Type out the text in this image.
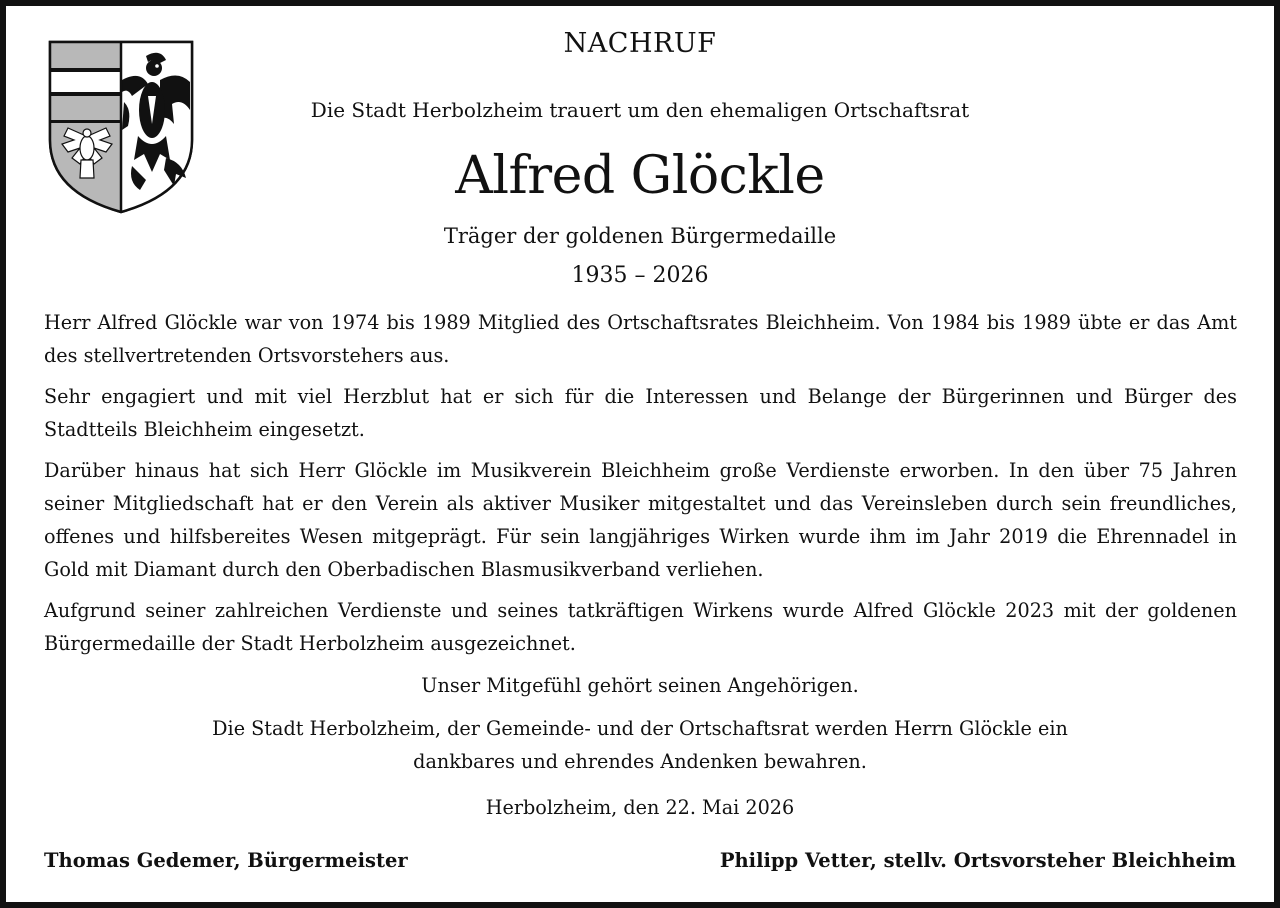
NACHRUF
Die Stadt Herbolzheim trauert um den ehemaligen Ortschaftsrat
Alfred Glöckle
Träger der goldenen Bürgermedaille
1935 – 2026

Herr Alfred Glöckle war von 1974 bis 1989 Mitglied des Ortschaftsrates Bleichheim. Von 1984 bis 1989 übte er das Amt des stellvertretenden Ortsvorstehers aus.

Sehr engagiert und mit viel Herzblut hat er sich für die Interessen und Belange der Bürgerinnen und Bürger des Stadtteils Bleichheim eingesetzt.

Darüber hinaus hat sich Herr Glöckle im Musikverein Bleichheim große Verdienste erworben. In den über 75 Jahren seiner Mitgliedschaft hat er den Verein als aktiver Musiker mitgestaltet und das Vereinsleben durch sein freundliches, offenes und hilfsbereites Wesen mitgeprägt. Für sein langjähriges Wirken wurde ihm im Jahr 2019 die Ehrennadel in Gold mit Diamant durch den Oberbadischen Blasmusikverband verliehen.

Aufgrund seiner zahlreichen Verdienste und seines tatkräftigen Wirkens wurde Alfred Glöckle 2023 mit der goldenen Bürgermedaille der Stadt Herbolzheim ausgezeichnet.

Unser Mitgefühl gehört seinen Angehörigen.
Die Stadt Herbolzheim, der Gemeinde- und der Ortschaftsrat werden Herrn Glöckle ein
dankbares und ehrendes Andenken bewahren.
Herbolzheim, den 22. Mai 2026
Thomas Gedemer, Bürgermeister	Philipp Vetter, stellv. Ortsvorsteher Bleichheim
